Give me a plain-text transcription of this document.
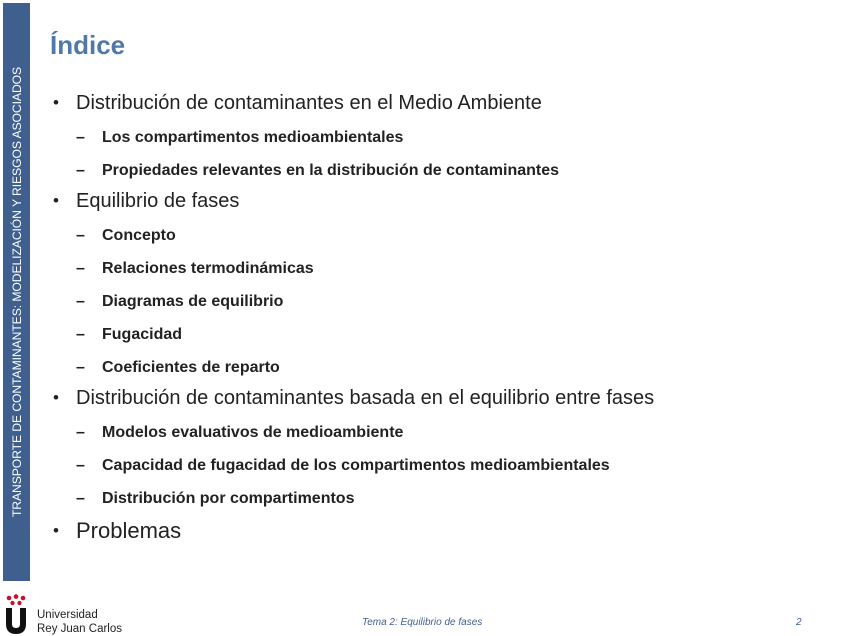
TRANSPORTE DE CONTAMINANTES: MODELIZACIÓN Y RIESGOS ASOCIADOS
Índice
• Distribución de contaminantes en el Medio Ambiente
– Los compartimentos medioambientales
– Propiedades relevantes en la distribución de contaminantes
• Equilibrio de fases
– Concepto
– Relaciones termodinámicas
– Diagramas de equilibrio
– Fugacidad
– Coeficientes de reparto
• Distribución de contaminantes basada en el equilibrio entre fases
– Modelos evaluativos de medioambiente
– Capacidad de fugacidad de los compartimentos medioambientales
– Distribución por compartimentos
• Problemas
Universidad
Rey Juan Carlos
Tema 2: Equilibrio de fases	2
